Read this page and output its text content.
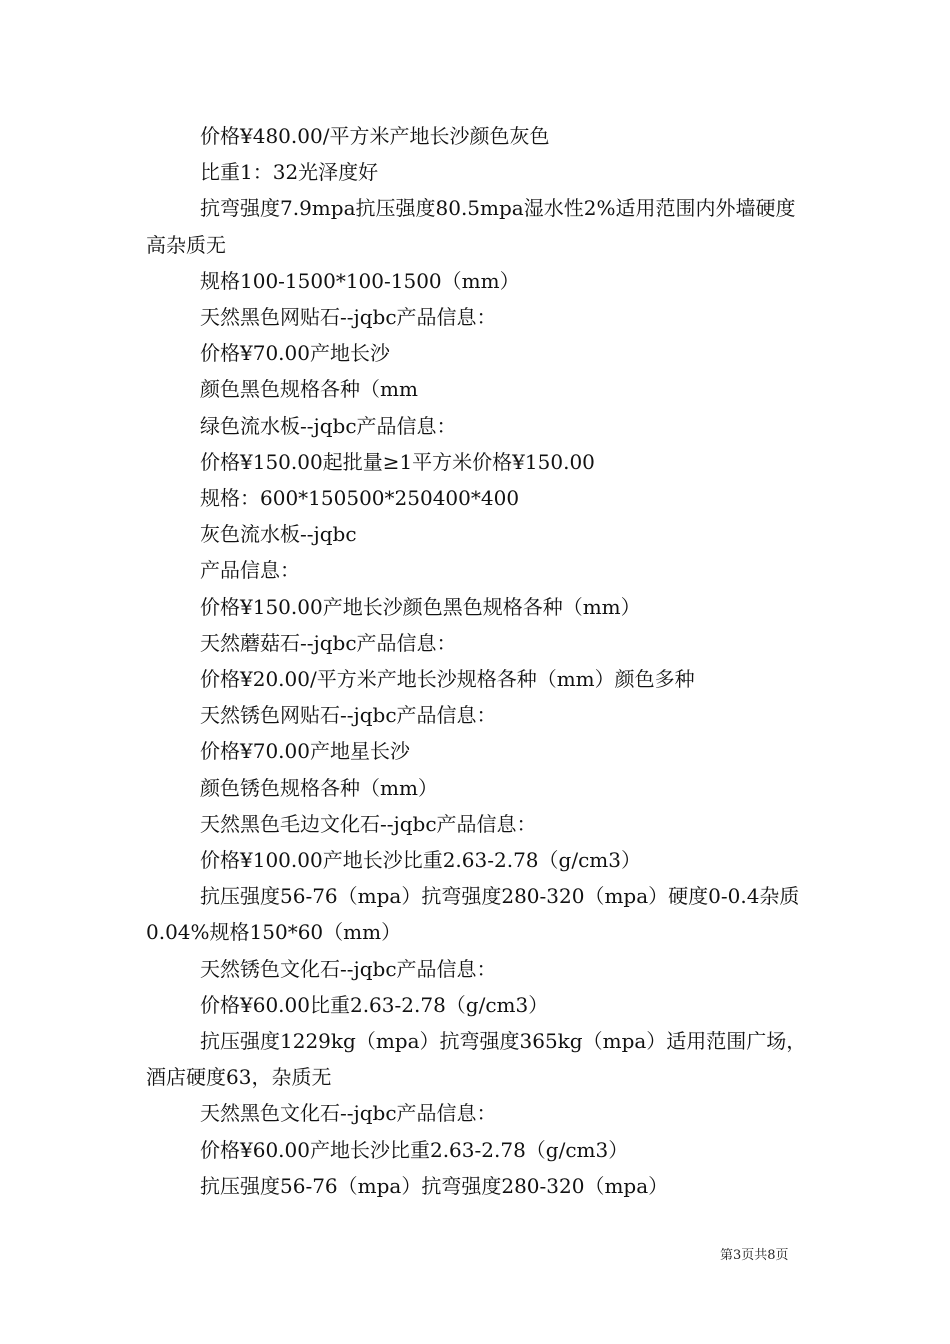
价格¥480.00/平方米产地长沙颜色灰色

比重1：32光泽度好

抗弯强度7.9mpa抗压强度80.5mpa湿水性2%适用范围内外墙硬度高杂质无

规格100-1500*100-1500（mm）

天然黑色网贴石--jqbc产品信息：

价格¥70.00产地长沙

颜色黑色规格各种（mm

绿色流水板--jqbc产品信息：

价格¥150.00起批量≥1平方米价格¥150.00

规格：600*150500*250400*400

灰色流水板--jqbc

产品信息：

价格¥150.00产地长沙颜色黑色规格各种（mm）

天然蘑菇石--jqbc产品信息：

价格¥20.00/平方米产地长沙规格各种（mm）颜色多种

天然锈色网贴石--jqbc产品信息：

价格¥70.00产地星长沙

颜色锈色规格各种（mm）

天然黑色毛边文化石--jqbc产品信息：

价格¥100.00产地长沙比重2.63-2.78（g/cm3）

抗压强度56-76（mpa）抗弯强度280-320（mpa）硬度0-0.4杂质0.04%规格150*60（mm）

天然锈色文化石--jqbc产品信息：

价格¥60.00比重2.63-2.78（g/cm3）

抗压强度1229kg（mpa）抗弯强度365kg（mpa）适用范围广场，酒店硬度63，杂质无

天然黑色文化石--jqbc产品信息：

价格¥60.00产地长沙比重2.63-2.78（g/cm3）

抗压强度56-76（mpa）抗弯强度280-320（mpa）

第3页共8页
